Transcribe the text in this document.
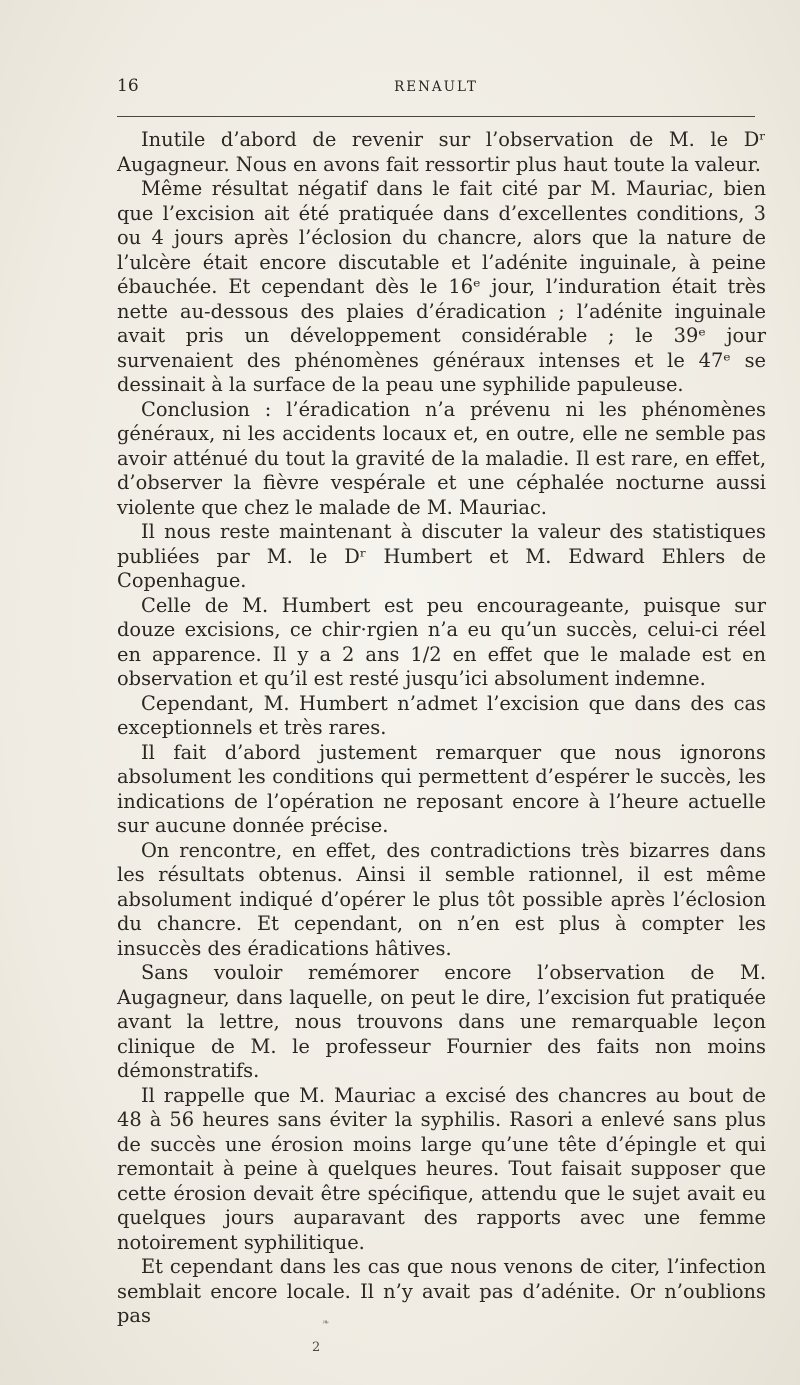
16	RENAULT

Inutile d’abord de revenir sur l’observation de M. le Dʳ Augagneur. Nous en avons fait ressortir plus haut toute la valeur.

Même résultat négatif dans le fait cité par M. Mauriac, bien que l’excision ait été pratiquée dans d’excellentes conditions, 3 ou 4 jours après l’éclosion du chancre, alors que la nature de l’ulcère était encore discutable et l’adénite inguinale, à peine ébauchée. Et cependant dès le 16ᵉ jour, l’induration était très nette au-dessous des plaies d’éradication ; l’adénite inguinale avait pris un développement considérable ; le 39ᵉ jour survenaient des phénomènes généraux intenses et le 47ᵉ se dessinait à la surface de la peau une syphilide papuleuse.

Conclusion : l’éradication n’a prévenu ni les phénomènes généraux, ni les accidents locaux et, en outre, elle ne semble pas avoir atténué du tout la gravité de la maladie. Il est rare, en effet, d’observer la fièvre vespérale et une céphalée nocturne aussi violente que chez le malade de M. Mauriac.

Il nous reste maintenant à discuter la valeur des statistiques publiées par M. le Dʳ Humbert et M. Edward Ehlers de Copenhague.

Celle de M. Humbert est peu encourageante, puisque sur douze excisions, ce chir·rgien n’a eu qu’un succès, celui-ci réel en apparence. Il y a 2 ans 1/2 en effet que le malade est en observation et qu’il est resté jusqu’ici absolument indemne.

Cependant, M. Humbert n’admet l’excision que dans des cas exceptionnels et très rares.

Il fait d’abord justement remarquer que nous ignorons absolument les conditions qui permettent d’espérer le succès, les indications de l’opération ne reposant encore à l’heure actuelle sur aucune donnée précise.

On rencontre, en effet, des contradictions très bizarres dans les résultats obtenus. Ainsi il semble rationnel, il est même absolument indiqué d’opérer le plus tôt possible après l’éclosion du chancre. Et cependant, on n’en est plus à compter les insuccès des éradications hâtives.

Sans vouloir remémorer encore l’observation de M. Augagneur, dans laquelle, on peut le dire, l’excision fut pratiquée avant la lettre, nous trouvons dans une remarquable leçon clinique de M. le professeur Fournier des faits non moins démonstratifs.

Il rappelle que M. Mauriac a excisé des chancres au bout de 48 à 56 heures sans éviter la syphilis. Rasori a enlevé sans plus de succès une érosion moins large qu’une tête d’épingle et qui remontait à peine à quelques heures. Tout faisait supposer que cette érosion devait être spécifique, attendu que le sujet avait eu quelques jours auparavant des rapports avec une femme notoirement syphilitique.

Et cependant dans les cas que nous venons de citer, l’infection semblait encore locale. Il n’y avait pas d’adénite. Or n’oublions pas	❧
2
